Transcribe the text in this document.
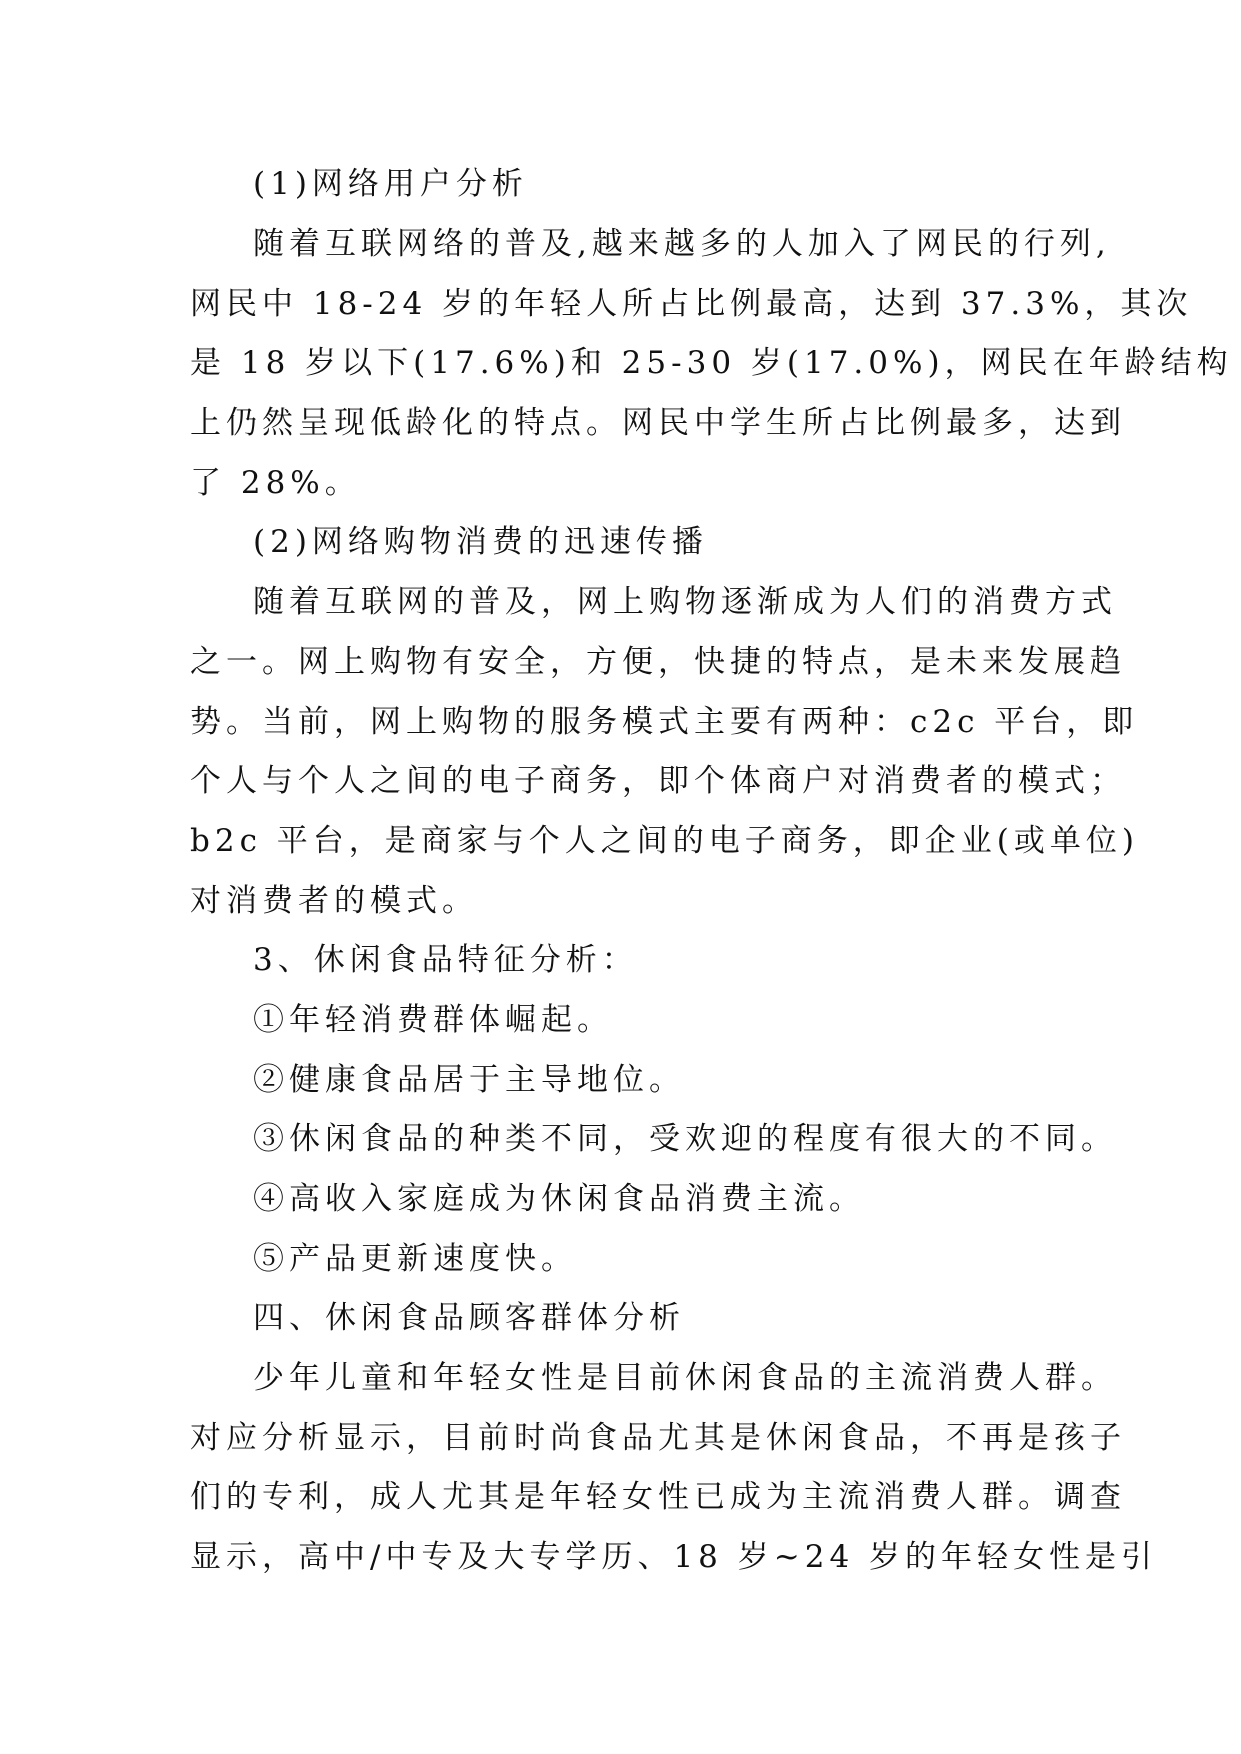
(1)网络用户分析

随着互联网络的普及,越来越多的人加入了网民的行列,

网民中 18-24 岁的年轻人所占比例最高，达到 37.3%，其次

是 18 岁以下(17.6%)和 25-30 岁(17.0%)，网民在年龄结构

上仍然呈现低龄化的特点。网民中学生所占比例最多，达到

了 28%。

(2)网络购物消费的迅速传播

随着互联网的普及，网上购物逐渐成为人们的消费方式

之一。网上购物有安全，方便，快捷的特点，是未来发展趋

势。当前，网上购物的服务模式主要有两种：c2c 平台，即

个人与个人之间的电子商务，即个体商户对消费者的模式；

b2c 平台，是商家与个人之间的电子商务，即企业(或单位)

对消费者的模式。

3、休闲食品特征分析：

①年轻消费群体崛起。

②健康食品居于主导地位。

③休闲食品的种类不同，受欢迎的程度有很大的不同。

④高收入家庭成为休闲食品消费主流。

⑤产品更新速度快。

四、休闲食品顾客群体分析

少年儿童和年轻女性是目前休闲食品的主流消费人群。

对应分析显示，目前时尚食品尤其是休闲食品，不再是孩子

们的专利，成人尤其是年轻女性已成为主流消费人群。调查

显示，高中/中专及大专学历、18 岁~24 岁的年轻女性是引
